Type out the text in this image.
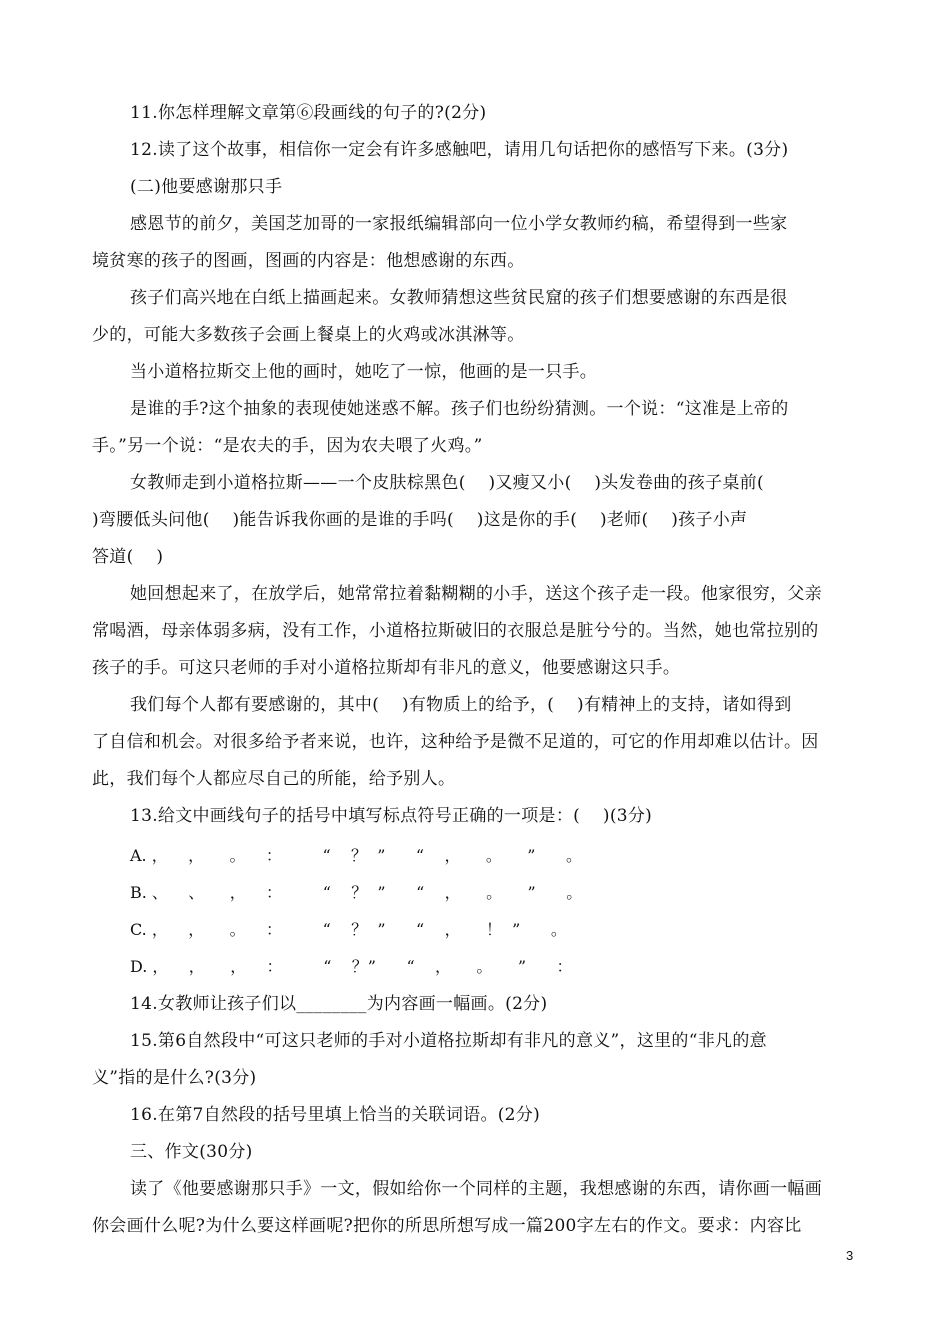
11.你怎样理解文章第⑥段画线的句子的?(2分)
12.读了这个故事，相信你一定会有许多感触吧，请用几句话把你的感悟写下来。(3分)
(二)他要感谢那只手
感恩节的前夕，美国芝加哥的一家报纸编辑部向一位小学女教师约稿，希望得到一些家
境贫寒的孩子的图画，图画的内容是：他想感谢的东西。
孩子们高兴地在白纸上描画起来。女教师猜想这些贫民窟的孩子们想要感谢的东西是很
少的，可能大多数孩子会画上餐桌上的火鸡或冰淇淋等。
当小道格拉斯交上他的画时，她吃了一惊，他画的是一只手。
是谁的手?这个抽象的表现使她迷惑不解。孩子们也纷纷猜测。一个说：“这准是上帝的
手。”另一个说：“是农夫的手，因为农夫喂了火鸡。”
女教师走到小道格拉斯——一个皮肤棕黑色(    )又瘦又小(    )头发卷曲的孩子桌前(
)弯腰低头问他(    )能告诉我你画的是谁的手吗(    )这是你的手(    )老师(    )孩子小声
答道(    )
她回想起来了，在放学后，她常常拉着黏糊糊的小手，送这个孩子走一段。他家很穷，父亲
常喝酒，母亲体弱多病，没有工作，小道格拉斯破旧的衣服总是脏兮兮的。当然，她也常拉别的
孩子的手。可这只老师的手对小道格拉斯却有非凡的意义，他要感谢这只手。
我们每个人都有要感谢的，其中(    )有物质上的给予，(    )有精神上的支持，诸如得到
了自信和机会。对很多给予者来说，也许，这种给予是微不足道的，可它的作用却难以估计。因
此，我们每个人都应尽自己的所能，给予别人。
13.给文中画线句子的括号中填写标点符号正确的一项是：(    )(3分)
A. ，    ，     。    ：        “    ？  ”      “    ，     。     ”      。
B. 、    、     ，    ：        “    ？  ”      “    ，     。     ”      。
C. ，    ，     。    ：        “    ？  ”      “    ，     ！  ”      。
D. ，    ，     ，    ：        “    ？”      “    ，     。     ”      ：
14.女教师让孩子们以________为内容画一幅画。(2分)
15.第6自然段中“可这只老师的手对小道格拉斯却有非凡的意义”，这里的“非凡的意
义”指的是什么?(3分)
16.在第7自然段的括号里填上恰当的关联词语。(2分)
三、作文(30分)
读了《他要感谢那只手》一文，假如给你一个同样的主题，我想感谢的东西，请你画一幅画
你会画什么呢?为什么要这样画呢?把你的所思所想写成一篇200字左右的作文。要求：内容比
3
